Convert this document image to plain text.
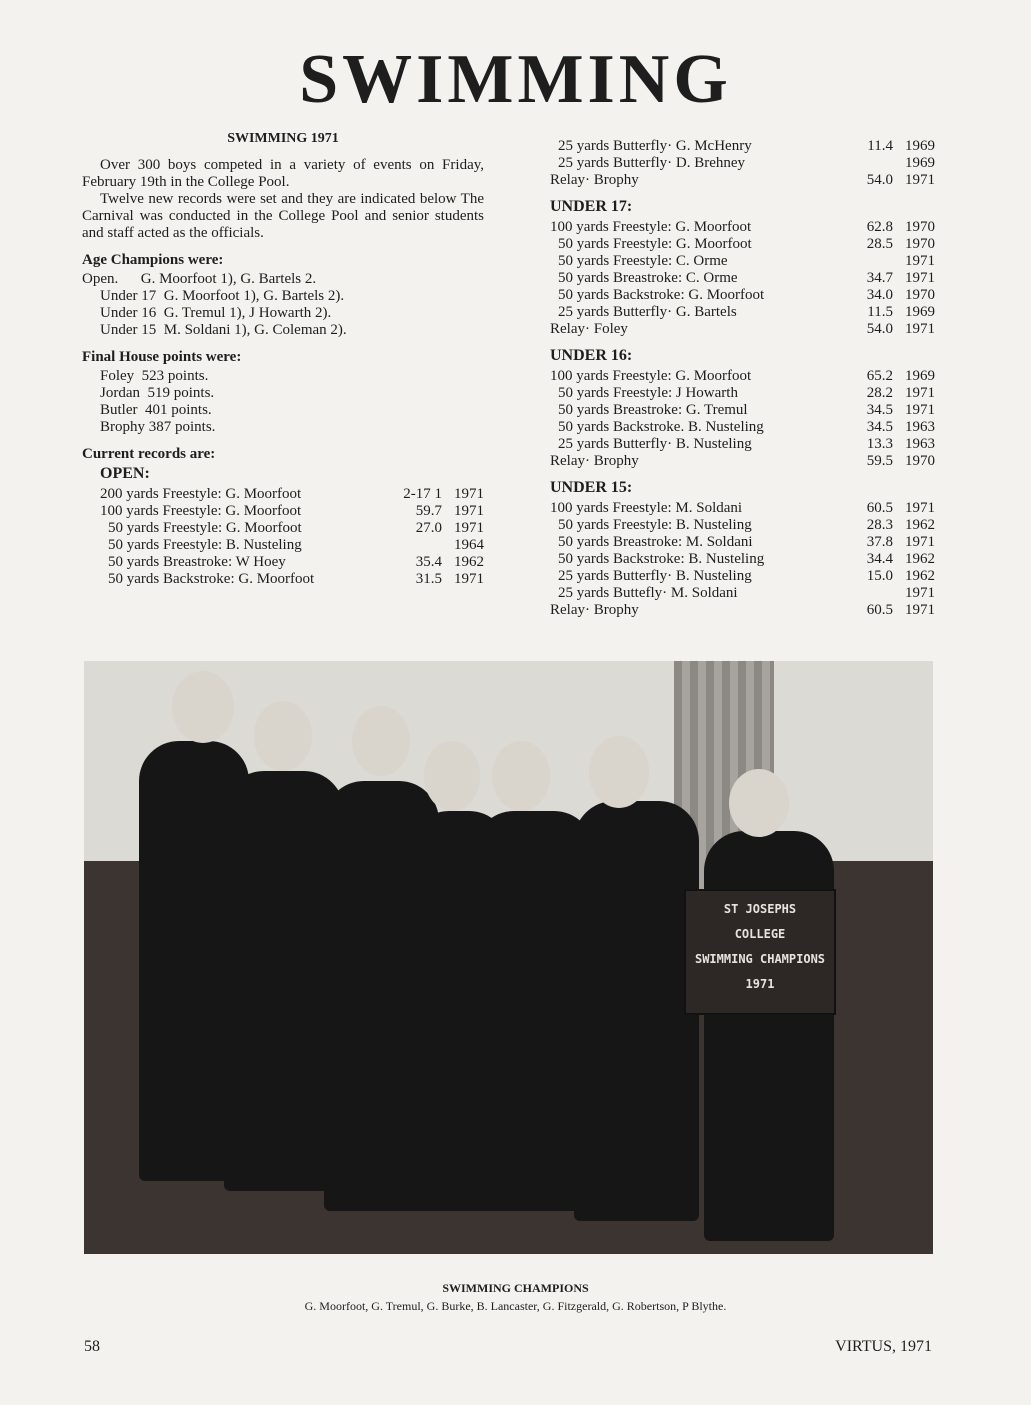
SWIMMING
SWIMMING 1971
Over 300 boys competed in a variety of events on Friday, February 19th in the College Pool.
Twelve new records were set and they are indicated below The Carnival was conducted in the College Pool and senior students and staff acted as the officials.
Age Champions were:
Open.      G. Moorfoot 1), G. Bartels 2.
Under 17  G. Moorfoot 1), G. Bartels 2).
Under 16  G. Tremul 1), J Howarth 2).
Under 15  M. Soldani 1), G. Coleman 2).
Final House points were:
Foley  523 points.
Jordan  519 points.
Butler  401 points.
Brophy 387 points.
Current records are:
OPEN:
200 yards Freestyle: G. Moorfoot	2-17 1 1971
100 yards Freestyle: G. Moorfoot	59.7 1971
50 yards Freestyle: G. Moorfoot	27.0 1971
50 yards Freestyle: B. Nusteling	1964
50 yards Breastroke: W Hoey	35.4 1962
50 yards Backstroke: G. Moorfoot	31.5 1971
25 yards Butterfly· G. McHenry	11.4 1969
25 yards Butterfly· D. Brehney	1969
Relay· Brophy	54.0 1971
UNDER 17:
100 yards Freestyle: G. Moorfoot	62.8 1970
50 yards Freestyle: G. Moorfoot	28.5 1970
50 yards Freestyle: C. Orme	1971
50 yards Breastroke: C. Orme	34.7 1971
50 yards Backstroke: G. Moorfoot	34.0 1970
25 yards Butterfly· G. Bartels	11.5 1969
Relay· Foley	54.0 1971
UNDER 16:
100 yards Freestyle: G. Moorfoot	65.2 1969
50 yards Freestyle: J Howarth	28.2 1971
50 yards Breastroke: G. Tremul	34.5 1971
50 yards Backstroke. B. Nusteling	34.5 1963
25 yards Butterfly· B. Nusteling	13.3 1963
Relay· Brophy	59.5 1970
UNDER 15:
100 yards Freestyle: M. Soldani	60.5 1971
50 yards Freestyle: B. Nusteling	28.3 1962
50 yards Breastroke: M. Soldani	37.8 1971
50 yards Backstroke: B. Nusteling	34.4 1962
25 yards Butterfly· B. Nusteling	15.0 1962
25 yards Buttefly· M. Soldani	1971
Relay· Brophy	60.5 1971
ST JOSEPHS
COLLEGE
SWIMMING CHAMPIONS
1971
SWIMMING CHAMPIONS
G. Moorfoot, G. Tremul, G. Burke, B. Lancaster, G. Fitzgerald, G. Robertson, P Blythe.
58	VIRTUS, 1971
